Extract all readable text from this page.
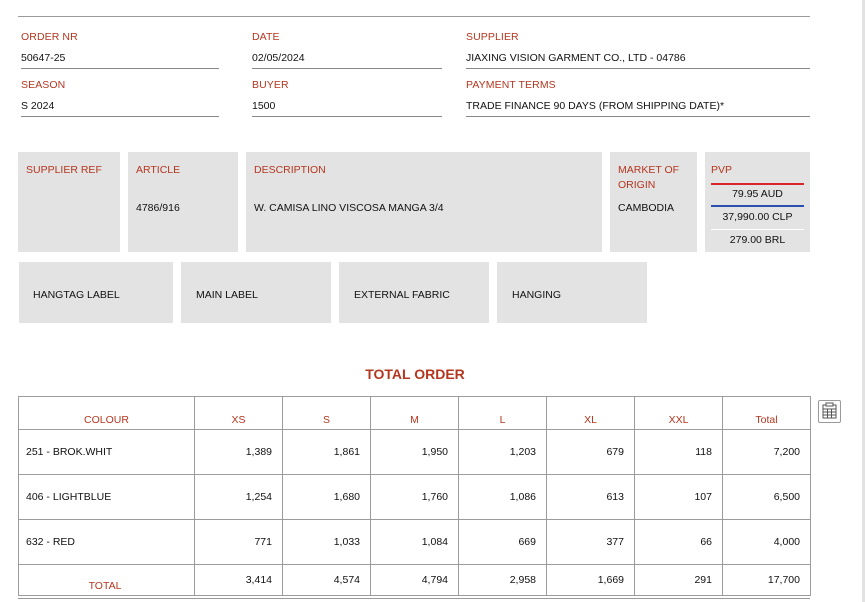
ORDER NR
50647-25
DATE
02/05/2024
SUPPLIER
JIAXING VISION GARMENT CO., LTD - 04786
SEASON
S 2024
BUYER
1500
PAYMENT TERMS
TRADE FINANCE 90 DAYS (FROM SHIPPING DATE)*
SUPPLIER REF	ARTICLE
4786/916
DESCRIPTION
W. CAMISA LINO VISCOSA MANGA 3/4
MARKET OF ORIGIN
CAMBODIA
PVP
79.95 AUD
37,990.00 CLP
279.00 BRL
HANGTAG LABEL	MAIN LABEL	EXTERNAL FABRIC	HANGING
TOTAL ORDER
COLOUR	XS	S	M	L	XL	XXL	Total
251 - BROK.WHIT	1,389	1,861	1,950	1,203	679	118	7,200
406 - LIGHTBLUE	1,254	1,680	1,760	1,086	613	107	6,500
632 - RED	771	1,033	1,084	669	377	66	4,000
TOTAL	3,414	4,574	4,794	2,958	1,669	291	17,700
